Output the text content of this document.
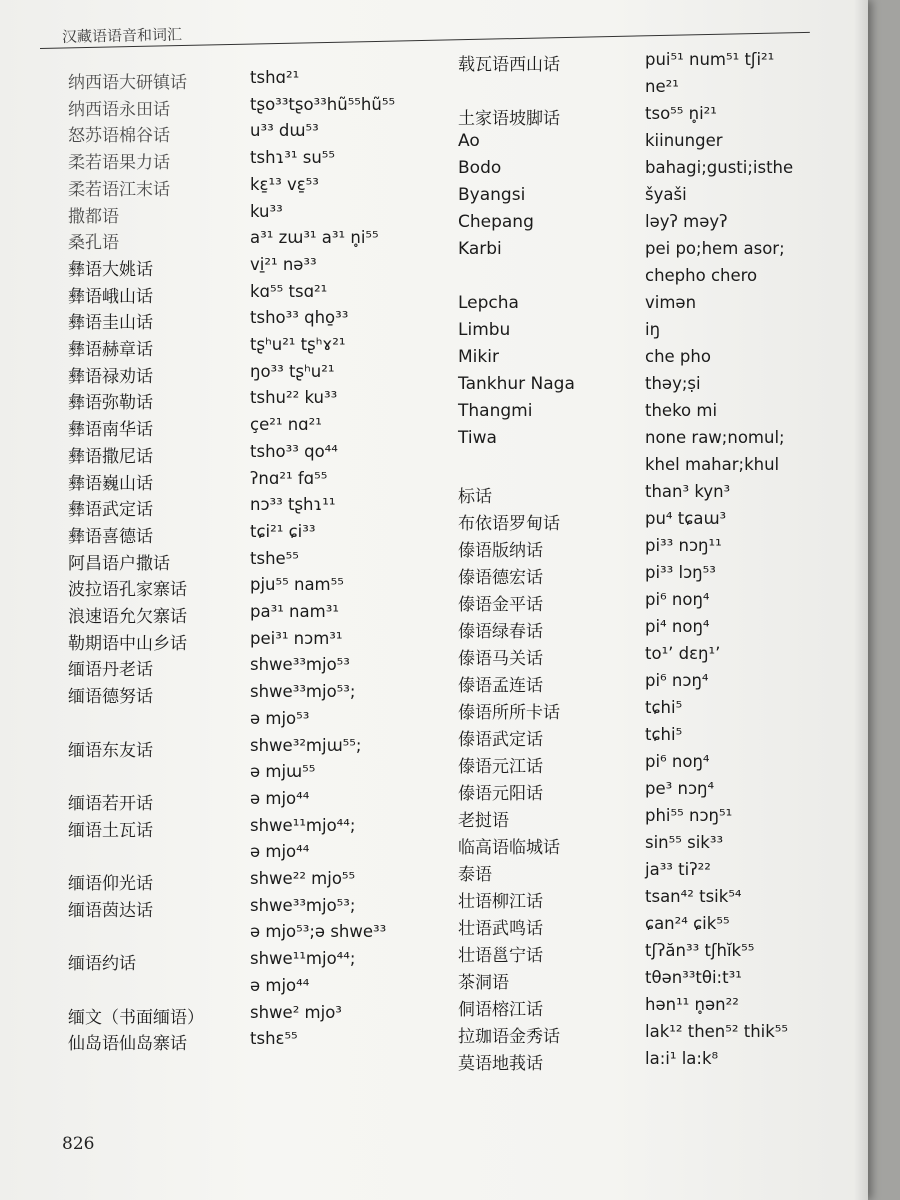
汉藏语语音和词汇
纳西语大研镇话
纳西语永田话
怒苏语棉谷话
柔若语果力话
柔若语江末话
撒都语
桑孔语
彝语大姚话
彝语峨山话
彝语圭山话
彝语赫章话
彝语禄劝话
彝语弥勒话
彝语南华话
彝语撒尼话
彝语巍山话
彝语武定话
彝语喜德话
阿昌语户撒话
波拉语孔家寨话
浪速语允欠寨话
勒期语中山乡话
缅语丹老话
缅语德努话
缅语东友话
缅语若开话
缅语土瓦话
缅语仰光话
缅语茵达话
缅语约话
缅文（书面缅语）
仙岛语仙岛寨话
tshɑ²¹
tʂo³³tʂo³³hũ⁵⁵hũ⁵⁵
u³³ dɯ⁵³
tshɿ³¹ su⁵⁵
kɛ̱¹³ vɛ̱⁵³
ku³³
a³¹ zɯ³¹ a³¹ n̥i⁵⁵
vi̱²¹ nə³³
kɑ⁵⁵ tsɑ²¹
tsho³³ qho̱³³
tʂʰu²¹ tʂʰɤ²¹
ŋo³³ tʂʰu²¹
tshu²² ku³³
çe²¹ nɑ²¹
tsho³³ qo⁴⁴
ʔnɑ²¹ fɑ⁵⁵
nɔ³³ tʂhɿ¹¹
tɕi²¹ ɕi³³
tshe⁵⁵
pju⁵⁵ nam⁵⁵
pa³¹ nam³¹
pei³¹ nɔm³¹
shwe³³mjo⁵³
shwe³³mjo⁵³;
ə mjo⁵³
shwe³²mjɯ⁵⁵;
ə mjɯ⁵⁵
ə mjo⁴⁴
shwe¹¹mjo⁴⁴;
ə mjo⁴⁴
shwe²² mjo⁵⁵
shwe³³mjo⁵³;
ə mjo⁵³;ə shwe³³
shwe¹¹mjo⁴⁴;
ə mjo⁴⁴
shwe² mjo³
tshɛ⁵⁵
载瓦语西山话
土家语坡脚话
Ao
Bodo
Byangsi
Chepang
Karbi
Lepcha
Limbu
Mikir
Tankhur Naga
Thangmi
Tiwa
标话
布依语罗甸话
傣语版纳话
傣语德宏话
傣语金平话
傣语绿春话
傣语马关话
傣语孟连话
傣语所所卡话
傣语武定话
傣语元江话
傣语元阳话
老挝语
临高语临城话
泰语
壮语柳江话
壮语武鸣话
壮语邕宁话
茶洞语
侗语榕江话
拉珈语金秀话
莫语地莪话
pui⁵¹ num⁵¹ tʃi²¹
ne²¹
tso⁵⁵ n̥i²¹
kiinunger
bahagi;gusti;isthe
šyaši
ləyʔ məyʔ
pei po;hem asor;
chepho chero
vimən
iŋ
che pho
thəy;ṣi
theko mi
none raw;nomul;
khel mahar;khul
than³ kyn³
pu⁴ tɕaɯ³
pi³³ nɔŋ¹¹
pi³³ lɔŋ⁵³
pi⁶ noŋ⁴
pi⁴ noŋ⁴
to¹ʼ dɛŋ¹ʼ
pi⁶ nɔŋ⁴
tɕhi⁵
tɕhi⁵
pi⁶ noŋ⁴
pe³ nɔŋ⁴
phi⁵⁵ nɔŋ⁵¹
sin⁵⁵ sik³³
ja³³ tiʔ²²
tsan⁴² tsik⁵⁴
ɕan²⁴ ɕik⁵⁵
tʃʔăn³³ tʃhĭk⁵⁵
tθən³³tθi:t³¹
hən¹¹ n̥ən²²
lak¹² then⁵² thik⁵⁵
la:i¹ la:k⁸
826
